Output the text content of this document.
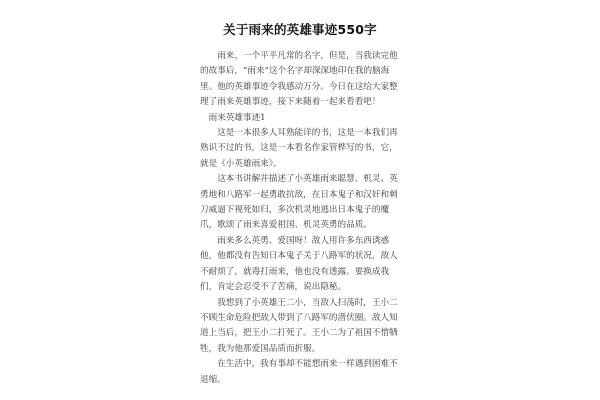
关于雨来的英雄事迹550字

雨来，一个平平凡常的名字，但是，当我读完他的故事后，“雨来”这个名字却深深地印在我的脑海里。他的英雄事迹令我感动万分。今日在这给大家整理了雨来英雄事迹，接下来随着一起来看看吧！

雨来英雄事迹1

这是一本很多人耳熟能详的书，这是一本我们再熟识不过的书，这是一本看名作家管桦写的书，它，就是《小英雄雨来》。

这本书讲解并描述了小英雄雨来聪慧、机灵、英勇地和八路军一起勇敢抗敌，在日本鬼子和汉奸和刺刀威逼下视死如归，多次机灵地逃出日本鬼子的魔爪，歌颂了雨来喜爱祖国、机灵英勇的品质。

雨来多么英勇、爱国呀！敌人用许多东西诱惑他，他都没有告知日本鬼子关于八路军的状况，敌人不耐烦了，就毒打雨来，他也没有透露。要换成我们，肯定会忍受不了苦痛，说出隐秘。

我想到了小英雄王二小，当敌人扫荡时，王小二不顾生命危险把敌人带到了八路军的潜伏圈。敌人知道上当后，把王小二打死了。王小二为了祖国不惜牺牲，我为他那爱国品质而折服。

在生活中，我有事却不能想雨来一样遇到困难不退缩。
